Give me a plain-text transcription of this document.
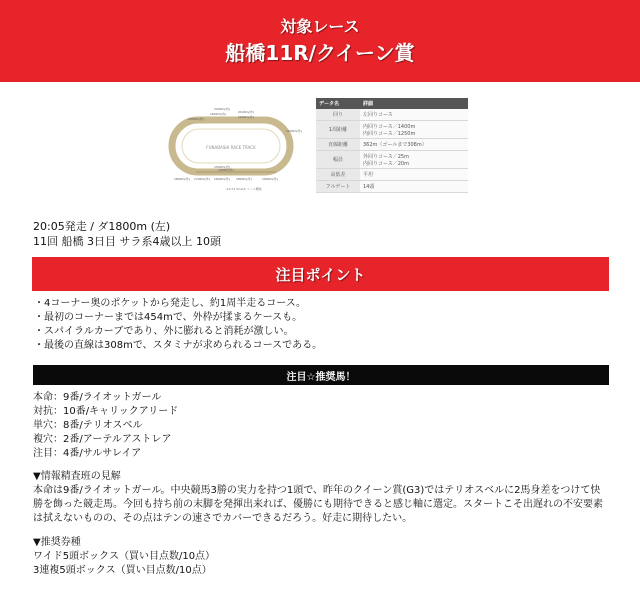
対象レース
船橋11R/クイーン賞
FUNABASHI RACE TRACK
2200m(内)
1600m(内)
2000m(外)
2100m(外)
1000m(外)
1200m(外)
1500m(内)
1800m(外) 1700m(外)
1400m(外)
1600m(外) 1800m(外)	1900m(外)
※1/72 SCALE コース概略
データ名	詳細
回り	左回りコース
1周距離	内回りコース／1400m
内回りコース／1250m
直線距離	362m（ゴールまで308m）
幅員	外回りコース／25m
内回りコース／20m
高低差	平坦
フルゲート	14頭
20:05発走 / ダ1800m (左)
11回 船橋 3日目 サラ系4歳以上 10頭
注目ポイント
・4コーナー奥のポケットから発走し、約1周半走るコース。
・最初のコーナーまでは454mで、外枠が揉まるケースも。
・スパイラルカーブであり、外に膨れると消耗が激しい。
・最後の直線は308mで、スタミナが求められるコースである。
注目☆推奨馬！
本命：9番/ライオットガール
対抗：10番/キャリックアリード
単穴：8番/テリオスベル
複穴：2番/アーテルアストレア
注目：4番/サルサレイア
▼情報精査班の見解
本命は9番/ライオットガール。中央競馬3勝の実力を持つ1頭で、昨年のクイーン賞(G3)ではテリオスベルに2馬身差をつけて快
勝を飾った競走馬。今回も持ち前の末脚を発揮出来れば、優勝にも期待できると感じ軸に選定。スタートこそ出遅れの不安要素
は拭えないものの、その点はテンの速さでカバーできるだろう。好走に期待したい。
▼推奨券種
ワイド5頭ボックス（買い目点数/10点）
3連複5頭ボックス（買い目点数/10点）
